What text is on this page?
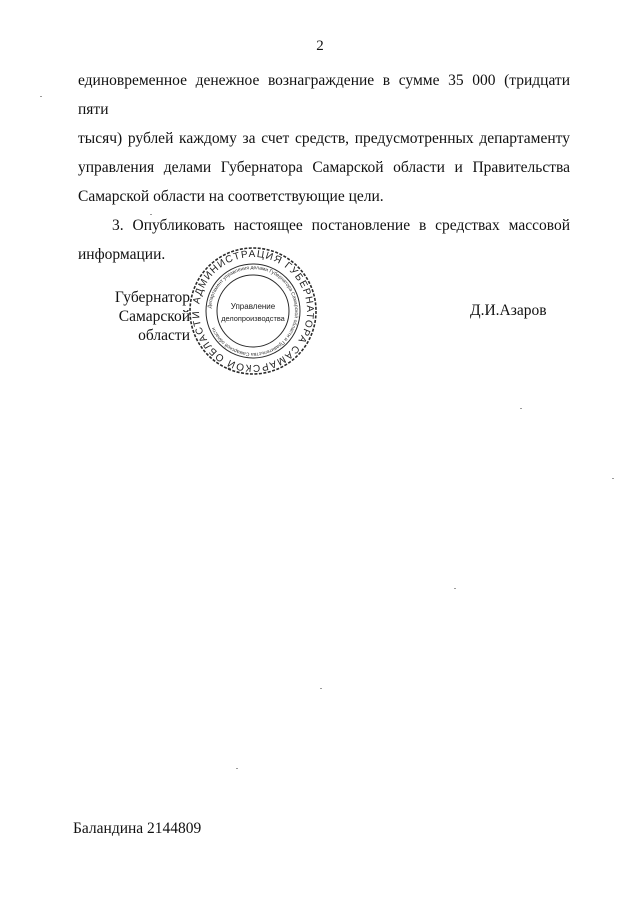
2

единовременное денежное вознаграждение в сумме 35 000 (тридцати пяти
тысяч) рублей каждому за счет средств, предусмотренных департаменту
управления делами Губернатора Самарской области и Правительства
Самарской области на соответствующие цели.

3. Опубликовать настоящее постановление в средствах массовой
информации.

Губернатор
Самарской области
АДМИНИСТРАЦИЯ ГУБЕРНАТОРА САМАРСКОЙ ОБЛАСТИ
Департамент управления делами Губернатора Самарской области и Правительства Самарской области
Управление
делопроизводства	Д.И.Азаров
Баландина 2144809
